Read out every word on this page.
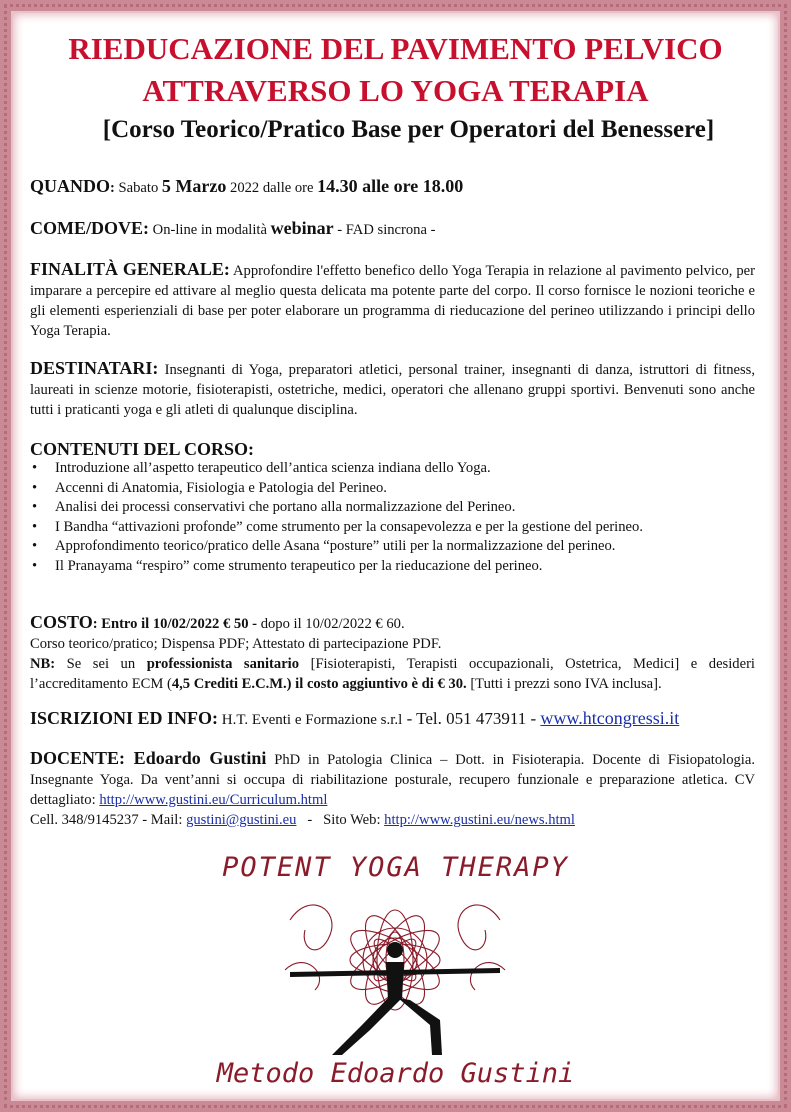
RIEDUCAZIONE DEL PAVIMENTO PELVICO
ATTRAVERSO LO YOGA TERAPIA
[Corso Teorico/Pratico Base per Operatori del Benessere]
QUANDO: Sabato 5 Marzo 2022 dalle ore 14.30 alle ore 18.00
COME/DOVE: On-line in modalità webinar - FAD sincrona -
FINALITÀ GENERALE: Approfondire l'effetto benefico dello Yoga Terapia in relazione al pavimento pelvico, per imparare a percepire ed attivare al meglio questa delicata ma potente parte del corpo. Il corso fornisce le nozioni teoriche e gli elementi esperienziali di base per poter elaborare un programma di rieducazione del perineo utilizzando i principi dello Yoga Terapia.
DESTINATARI: Insegnanti di Yoga, preparatori atletici, personal trainer, insegnanti di danza, istruttori di fitness, laureati in scienze motorie, fisioterapisti, ostetriche, medici, operatori che allenano gruppi sportivi. Benvenuti sono anche tutti i praticanti yoga e gli atleti di qualunque disciplina.
CONTENUTI DEL CORSO:
• Introduzione all’aspetto terapeutico dell’antica scienza indiana dello Yoga.
• Accenni di Anatomia, Fisiologia e Patologia del Perineo.
• Analisi dei processi conservativi che portano alla normalizzazione del Perineo.
• I Bandha “attivazioni profonde” come strumento per la consapevolezza e per la gestione del perineo.
• Approfondimento teorico/pratico delle Asana “posture” utili per la normalizzazione del perineo.
• Il Pranayama “respiro” come strumento terapeutico per la rieducazione del perineo.
COSTO: Entro il 10/02/2022 € 50 - dopo il 10/02/2022 € 60.
Corso teorico/pratico; Dispensa PDF; Attestato di partecipazione PDF.
NB: Se sei un professionista sanitario [Fisioterapisti, Terapisti occupazionali, Ostetrica, Medici] e desideri l’accreditamento ECM (4,5 Crediti E.C.M.) il costo aggiuntivo è di € 30. [Tutti i prezzi sono IVA inclusa].
ISCRIZIONI ED INFO: H.T. Eventi e Formazione s.r.l - Tel. 051 473911 - www.htcongressi.it
DOCENTE: Edoardo Gustini PhD in Patologia Clinica – Dott. in Fisioterapia. Docente di Fisiopatologia. Insegnante Yoga. Da vent’anni si occupa di riabilitazione posturale, recupero funzionale e preparazione atletica. CV dettagliato: http://www.gustini.eu/Curriculum.html
Cell. 348/9145237 - Mail: gustini@gustini.eu   -   Sito Web: http://www.gustini.eu/news.html
POTENT YOGA THERAPY
Metodo Edoardo Gustini
